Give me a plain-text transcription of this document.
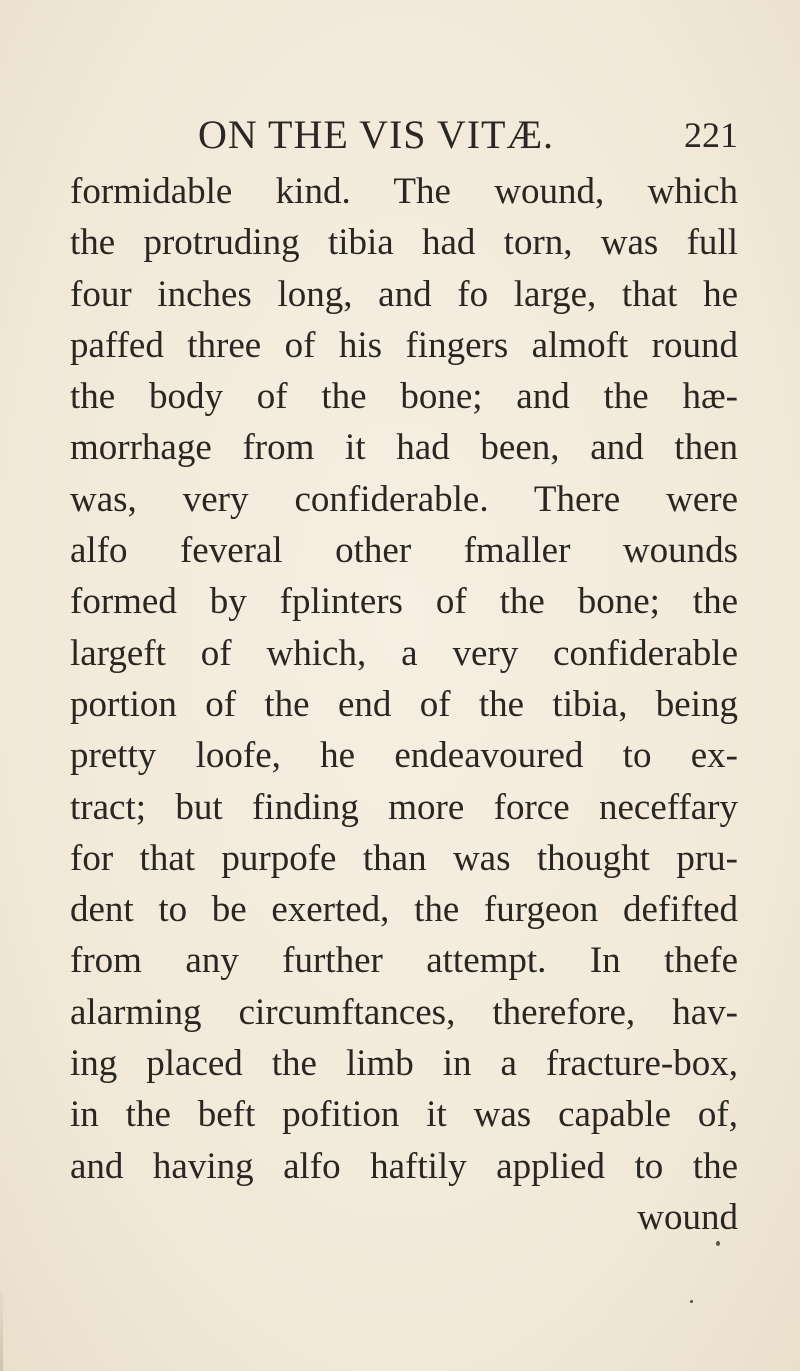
ON THE VIS VITÆ.	221
formidable kind. The wound, which
the protruding tibia had torn, was full
four inches long, and fo large, that he
paffed three of his fingers almoft round
the body of the bone; and the hæ-
morrhage from it had been, and then
was, very confiderable. There were
alfo feveral other fmaller wounds
formed by fplinters of the bone; the
largeft of which, a very confiderable
portion of the end of the tibia, being
pretty loofe, he endeavoured to ex-
tract; but finding more force neceffary
for that purpofe than was thought pru-
dent to be exerted, the furgeon defifted
from any further attempt. In thefe
alarming circumftances, therefore, hav-
ing placed the limb in a fracture-box,
in the beft pofition it was capable of,
and having alfo haftily applied to the
wound
